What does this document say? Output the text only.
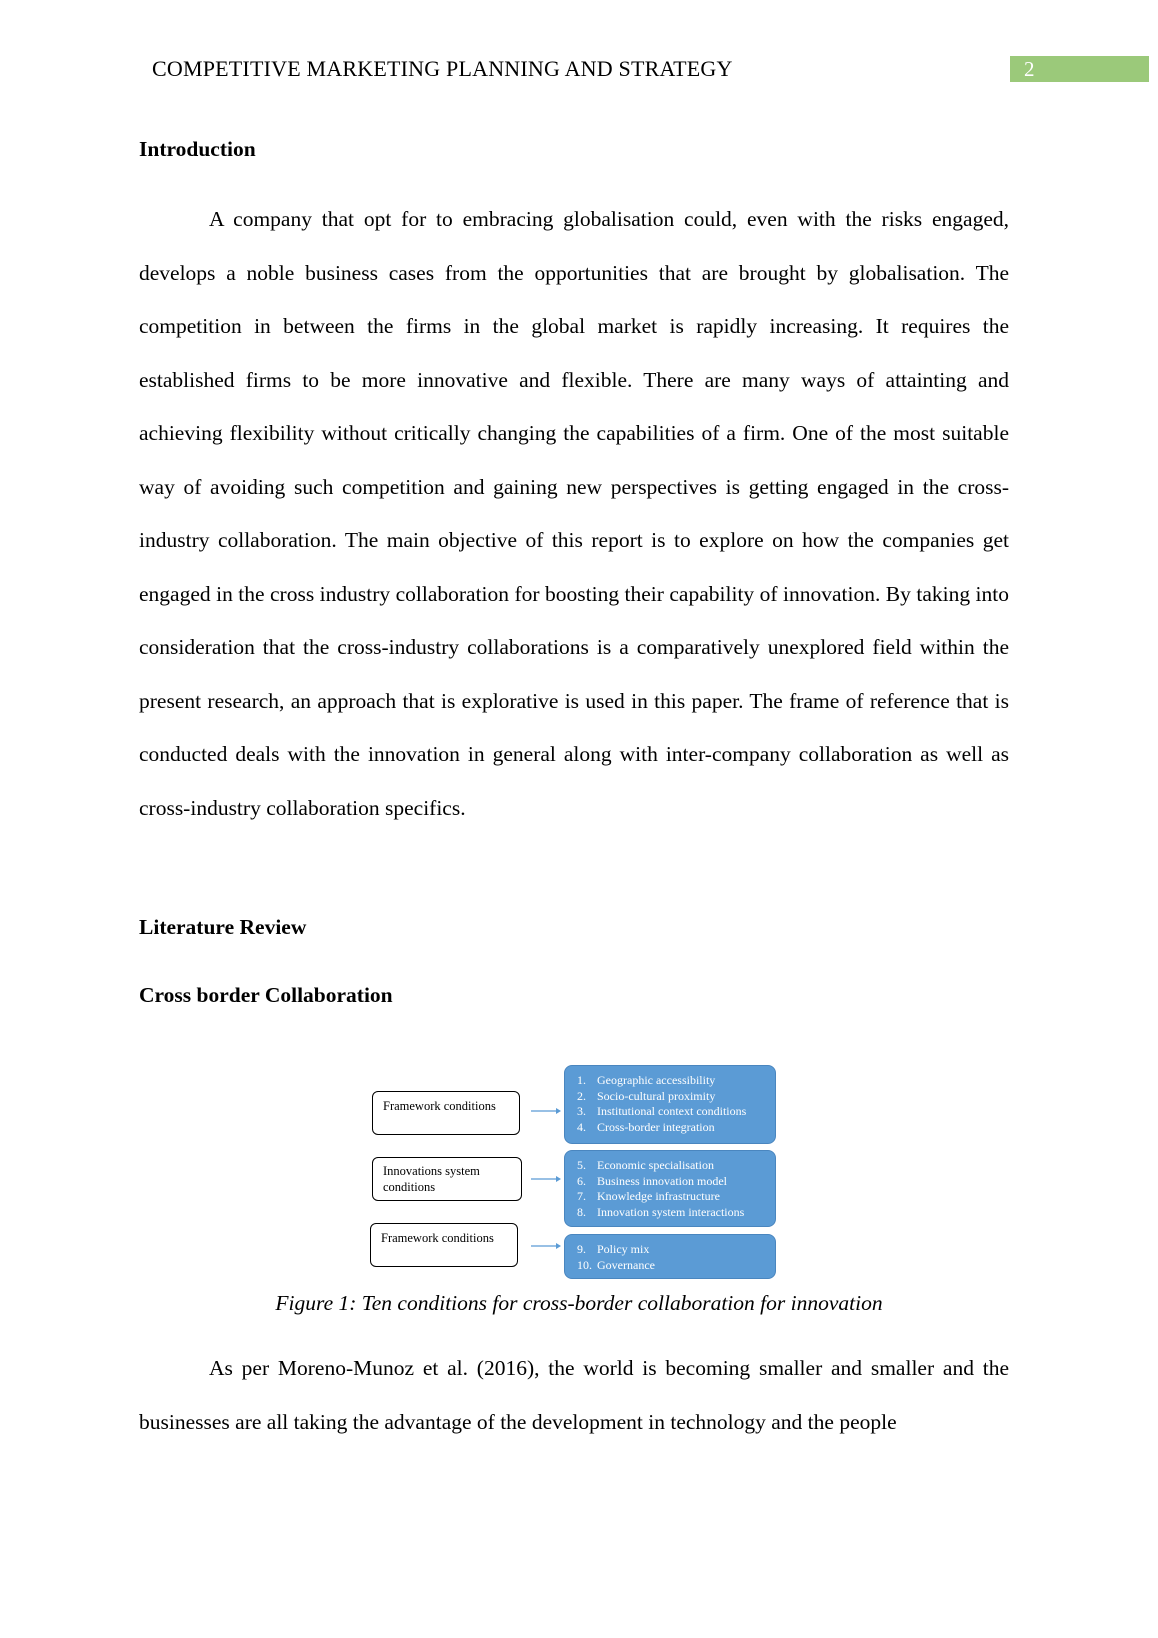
COMPETITIVE MARKETING PLANNING AND STRATEGY	2
Introduction

A company that opt for to embracing globalisation could, even with the risks engaged, develops a noble business cases from the opportunities that are brought by globalisation. The competition in between the firms in the global market is rapidly increasing. It requires the established firms to be more innovative and flexible. There are many ways of attainting and achieving flexibility without critically changing the capabilities of a firm. One of the most suitable way of avoiding such competition and gaining new perspectives is getting engaged in the cross-industry collaboration. The main objective of this report is to explore on how the companies get engaged in the cross industry collaboration for boosting their capability of innovation. By taking into consideration that the cross-industry collaborations is a comparatively unexplored field within the present research, an approach that is explorative is used in this paper. The frame of reference that is conducted deals with the innovation in general along with inter-company collaboration as well as cross-industry collaboration specifics.

Literature Review
Cross border Collaboration
Framework conditions
1. Geographic accessibility
2. Socio-cultural proximity
3. Institutional context conditions
4. Cross-border integration
Innovations system conditions
5. Economic specialisation
6. Business innovation model
7. Knowledge infrastructure
8. Innovation system interactions
Framework conditions
9. Policy mix
10. Governance
Figure 1: Ten conditions for cross-border collaboration for innovation

As per Moreno-Munoz et al. (2016), the world is becoming smaller and smaller and the businesses are all taking the advantage of the development in technology and the people
